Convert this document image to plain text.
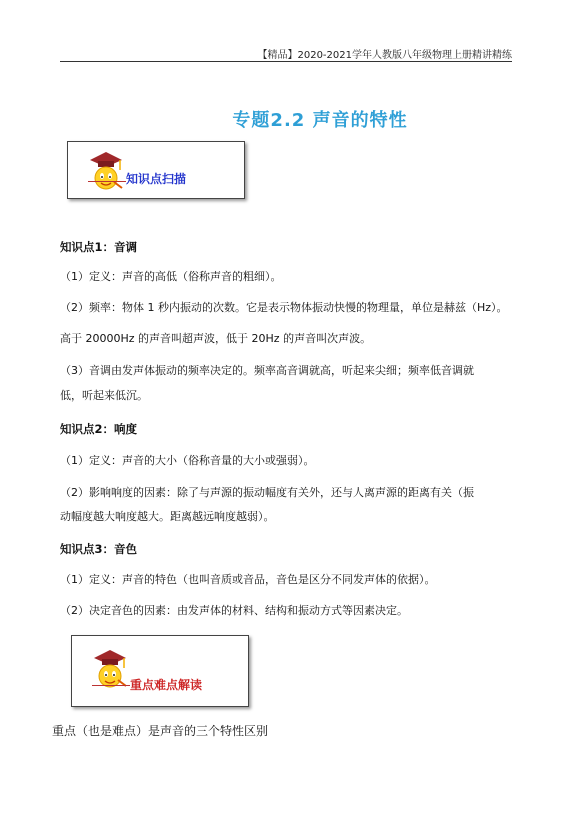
【精品】2020-2021学年人教版八年级物理上册精讲精练
专题2.2 声音的特性
知识点扫描
知识点1：音调
（1）定义：声音的高低（俗称声音的粗细）。
（2）频率：物体 1 秒内振动的次数。它是表示物体振动快慢的物理量，单位是赫兹（Hz）。
高于 20000Hz 的声音叫超声波，低于 20Hz 的声音叫次声波。
（3）音调由发声体振动的频率决定的。频率高音调就高，听起来尖细；频率低音调就
低，听起来低沉。
知识点2：响度
（1）定义：声音的大小（俗称音量的大小或强弱）。
（2）影响响度的因素：除了与声源的振动幅度有关外，还与人离声源的距离有关（振
动幅度越大响度越大。距离越远响度越弱）。
知识点3：音色
（1）定义：声音的特色（也叫音质或音品，音色是区分不同发声体的依据）。
（2）决定音色的因素：由发声体的材料、结构和振动方式等因素决定。
重点难点解读
重点（也是难点）是声音的三个特性区别
